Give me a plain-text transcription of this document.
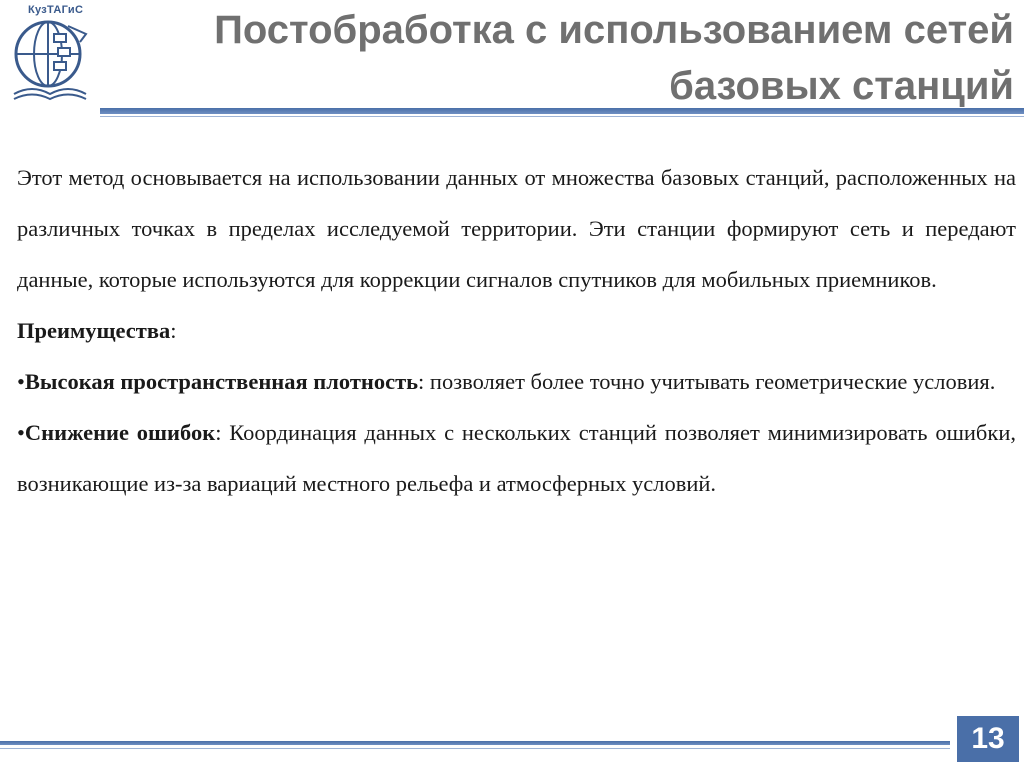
КузТАГиС	Постобработка с использованием сетей
базовых станций

Этот метод основывается на использовании данных от множества базовых станций, расположенных на различных точках в пределах исследуемой территории. Эти станции формируют сеть и передают данные, которые используются для коррекции сигналов спутников для мобильных приемников.

Преимущества:

•Высокая пространственная плотность: позволяет более точно учитывать геометрические условия.

•Снижение ошибок: Координация данных с нескольких станций позволяет минимизировать ошибки, возникающие из-за вариаций местного рельефа и атмосферных условий.

13
